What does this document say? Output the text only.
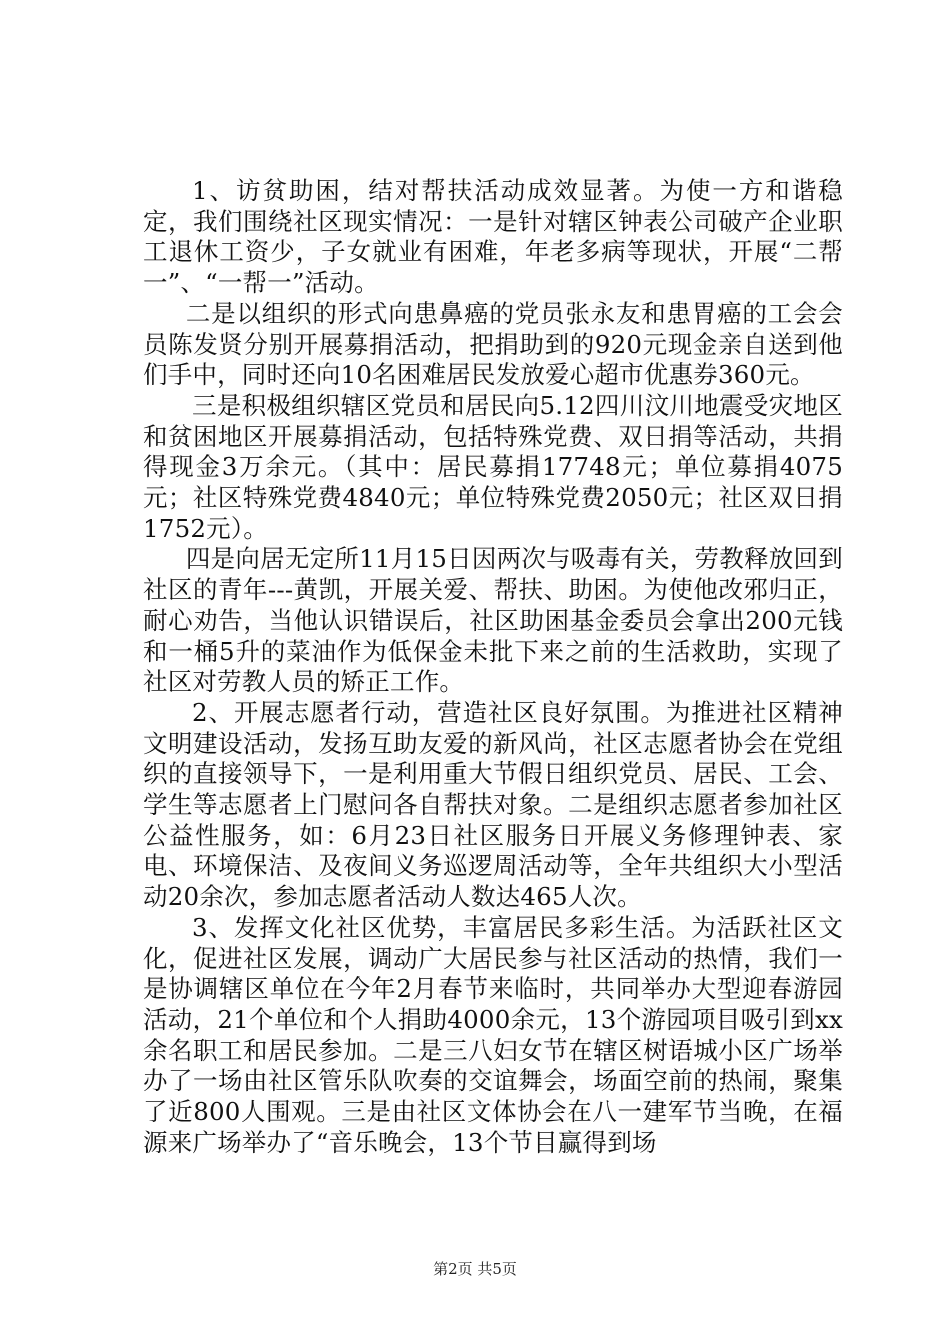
1、访贫助困，结对帮扶活动成效显著。为使一方和谐稳定，我们围绕社区现实情况：一是针对辖区钟表公司破产企业职工退休工资少，子女就业有困难，年老多病等现状，开展“二帮一”、“一帮一”活动。

二是以组织的形式向患鼻癌的党员张永友和患胃癌的工会会员陈发贤分别开展募捐活动，把捐助到的920元现金亲自送到他们手中，同时还向10名困难居民发放爱心超市优惠券360元。

三是积极组织辖区党员和居民向5.12四川汶川地震受灾地区和贫困地区开展募捐活动，包括特殊党费、双日捐等活动，共捐得现金3万余元。（其中：居民募捐17748元；单位募捐4075元；社区特殊党费4840元；单位特殊党费2050元；社区双日捐1752元）。

四是向居无定所11月15日因两次与吸毒有关，劳教释放回到社区的青年---黄凯，开展关爱、帮扶、助困。为使他改邪归正，耐心劝告，当他认识错误后，社区助困基金委员会拿出200元钱和一桶5升的菜油作为低保金未批下来之前的生活救助，实现了社区对劳教人员的矫正工作。

2、开展志愿者行动，营造社区良好氛围。为推进社区精神文明建设活动，发扬互助友爱的新风尚，社区志愿者协会在党组织的直接领导下，一是利用重大节假日组织党员、居民、工会、学生等志愿者上门慰问各自帮扶对象。二是组织志愿者参加社区公益性服务，如：6月23日社区服务日开展义务修理钟表、家电、环境保洁、及夜间义务巡逻周活动等，全年共组织大小型活动20余次，参加志愿者活动人数达465人次。

3、发挥文化社区优势，丰富居民多彩生活。为活跃社区文化，促进社区发展，调动广大居民参与社区活动的热情，我们一是协调辖区单位在今年2月春节来临时，共同举办大型迎春游园活动，21个单位和个人捐助4000余元，13个游园项目吸引到xx余名职工和居民参加。二是三八妇女节在辖区树语城小区广场举办了一场由社区管乐队吹奏的交谊舞会，场面空前的热闹，聚集了近800人围观。三是由社区文体协会在八一建军节当晚，在福源来广场举办了“音乐晚会，13个节目赢得到场

第2页 共5页
